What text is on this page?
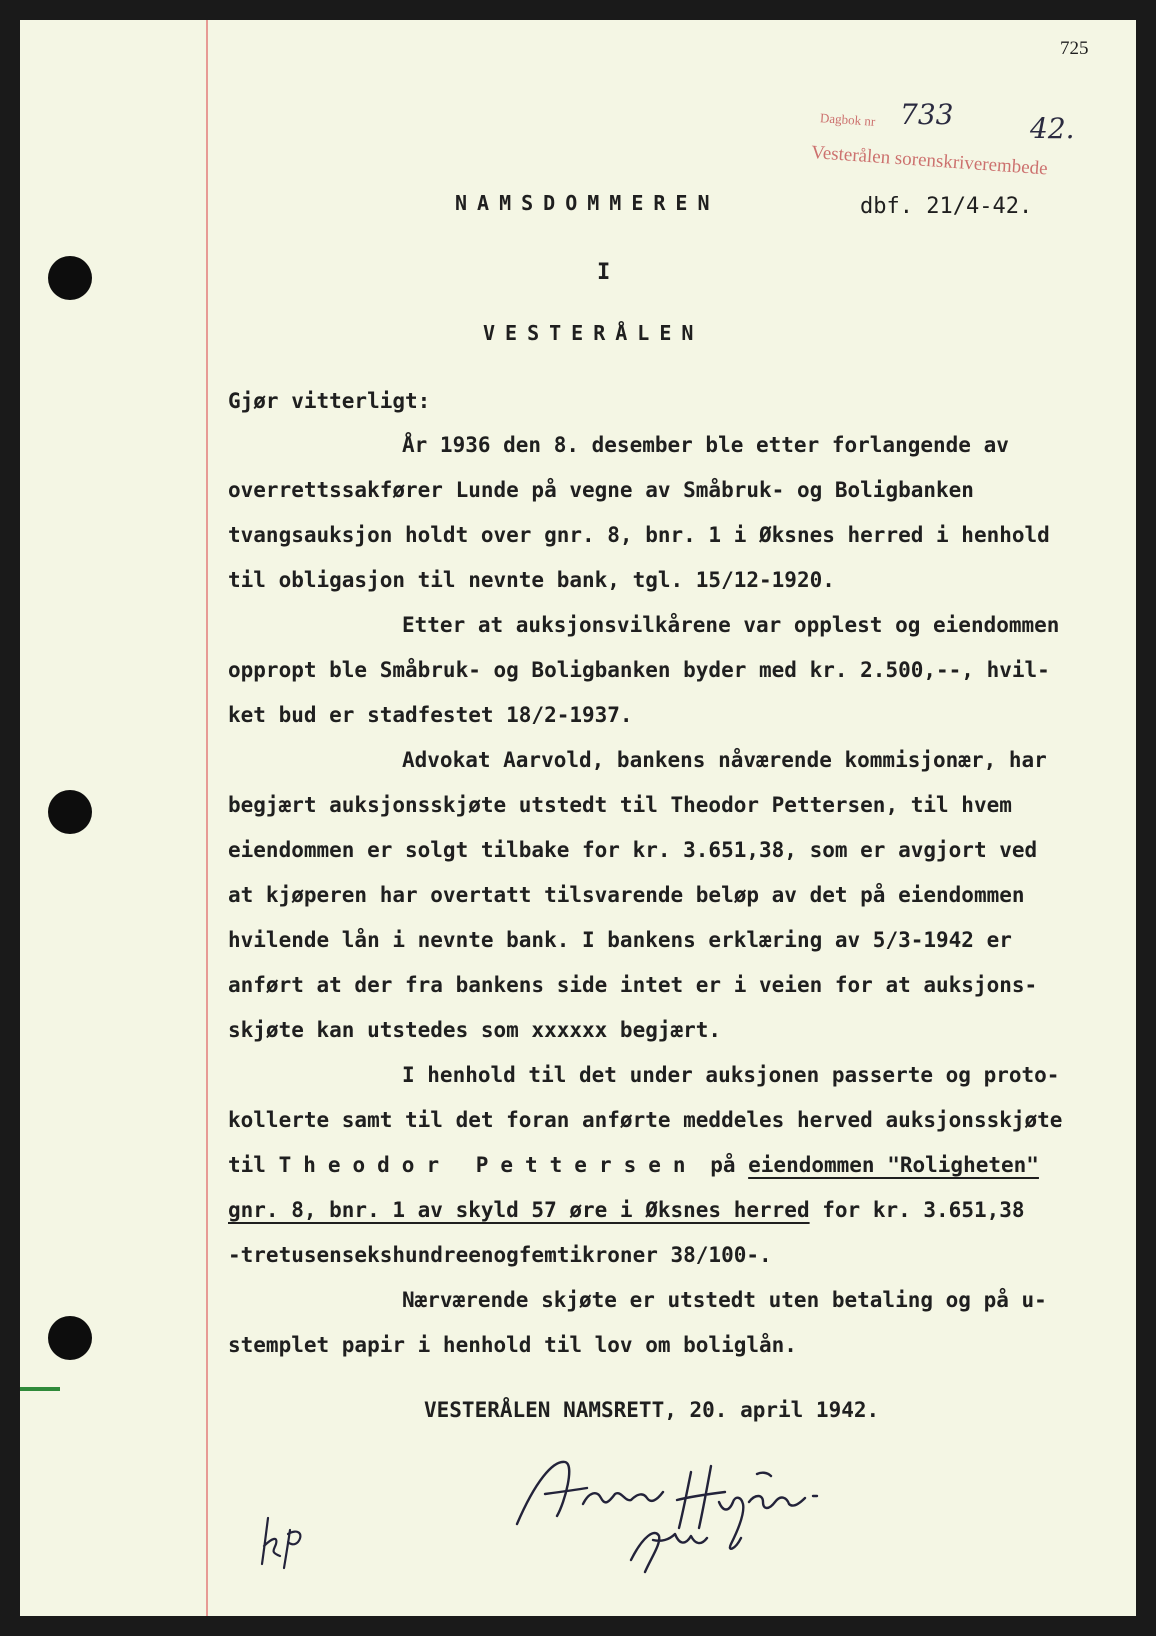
725
Dagbok nr 733	42.
Vesterålen sorenskriverembede
NAMSDOMMEREN	dbf. 21/4-42.
I
VESTERÅLEN
Gjør vitterligt:
År 1936 den 8. desember ble etter forlangende av
overrettssakfører Lunde på vegne av Småbruk- og Boligbanken
tvangsauksjon holdt over gnr. 8, bnr. 1 i Øksnes herred i henhold
til obligasjon til nevnte bank, tgl. 15/12-1920.
Etter at auksjonsvilkårene var opplest og eiendommen
oppropt ble Småbruk- og Boligbanken byder med kr. 2.500,--, hvil-
ket bud er stadfestet 18/2-1937.
Advokat Aarvold, bankens nåværende kommisjonær, har
begjært auksjonsskjøte utstedt til Theodor Pettersen, til hvem
eiendommen er solgt tilbake for kr. 3.651,38, som er avgjort ved
at kjøperen har overtatt tilsvarende beløp av det på eiendommen
hvilende lån i nevnte bank. I bankens erklæring av 5/3-1942 er
anført at der fra bankens side intet er i veien for at auksjons-
skjøte kan utstedes som xxxxxx begjært.
I henhold til det under auksjonen passerte og proto-
kollerte samt til det foran anførte meddeles herved auksjonsskjøte
til Theodor Pettersen på eiendommen "Roligheten"
gnr. 8, bnr. 1 av skyld 57 øre i Øksnes herred for kr. 3.651,38
-tretusensekshundreenogfemtikroner 38/100-.
Nærværende skjøte er utstedt uten betaling og på u-
stemplet papir i henhold til lov om boliglån.
VESTERÅLEN NAMSRETT, 20. april 1942.
